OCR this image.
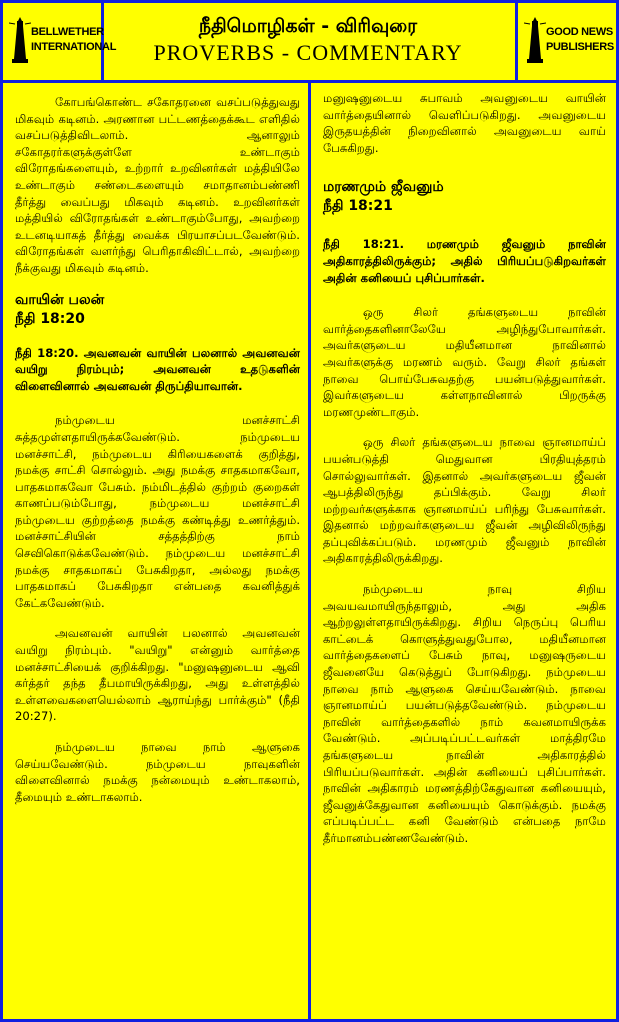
BELLWETHER
INTERNATIONAL
நீதிமொழிகள் - விரிவுரை
PROVERBS - COMMENTARY
GOOD NEWS
PUBLISHERS

கோபங்கொண்ட சகோதரனை வசப்படுத்துவது மிகவும் கடினம். அரணான பட்டணத்தைக்கூட எளிதில் வசப்படுத்திவிடலாம். ஆனாலும் சகோதரர்களுக்குள்ளே உண்டாகும் விரோதங்களையும், உற்றார் உறவினர்கள் மத்தியிலே உண்டாகும் சண்டைகளையும் சமாதானம்பண்ணி தீர்த்து வைப்பது மிகவும் கடினம். உறவினர்கள் மத்தியில் விரோதங்கள் உண்டாகும்போது, அவற்றை உடனடியாகத் தீர்த்து வைக்க பிரயாசப்படவேண்டும். விரோதங்கள் வளர்ந்து பெரிதாகிவிட்டால், அவற்றை நீக்குவது மிகவும் கடினம்.

வாயின் பலன்
நீதி 18:20

நீதி 18:20. அவனவன் வாயின் பலனால் அவனவன் வயிறு நிரம்பும்; அவனவன் உதடுகளின் விளைவினால் அவனவன் திருப்தியாவான்.

நம்முடைய மனச்சாட்சி சுத்தமுள்ளதாயிருக்கவேண்டும். நம்முடைய மனச்சாட்சி, நம்முடைய கிரியைகளைக் குறித்து, நமக்கு சாட்சி சொல்லும். அது நமக்கு சாதகமாகவோ, பாதகமாகவோ பேசும். நம்மிடத்தில் குற்றம் குறைகள் காணப்படும்போது, நம்முடைய மனச்சாட்சி நம்முடைய குற்றத்தை நமக்கு கண்டித்து உணர்த்தும். மனச்சாட்சியின் சத்தத்திற்கு நாம் செவிகொடுக்கவேண்டும். நம்முடைய மனச்சாட்சி நமக்கு சாதகமாகப் பேசுகிறதா, அல்லது நமக்கு பாதகமாகப் பேசுகிறதா என்பதை கவனித்துக் கேட்கவேண்டும்.

அவனவன் வாயின் பலனால் அவனவன் வயிறு நிரம்பும். "வயிறு" என்னும் வார்த்தை மனச்சாட்சியைக் குறிக்கிறது. "மனுஷனுடைய ஆவி கர்த்தர் தந்த தீபமாயிருக்கிறது, அது உள்ளத்தில் உள்ளவைகளையெல்லாம் ஆராய்ந்து பார்க்கும்" (நீதி 20:27).

நம்முடைய நாவை நாம் ஆளுகை செய்யவேண்டும். நம்முடைய நாவுகளின் விளைவினால் நமக்கு நன்மையும் உண்டாகலாம், தீமையும் உண்டாகலாம்.

மனுஷனுடைய சுபாவம் அவனுடைய வாயின் வார்த்தையினால் வெளிப்படுகிறது. அவனுடைய இருதயத்தின் நிறைவினால் அவனுடைய வாய் பேசுகிறது.

மரணமும் ஜீவனும்
நீதி 18:21

நீதி 18:21. மரணமும் ஜீவனும் நாவின் அதிகாரத்திலிருக்கும்; அதில் பிரியப்படுகிறவர்கள் அதின் கனியைப் புசிப்பார்கள்.

ஒரு சிலர் தங்களுடைய நாவின் வார்த்தைகளினாலேயே அழிந்துபோவார்கள். அவர்களுடைய மதியீனமான நாவினால் அவர்களுக்கு மரணம் வரும். வேறு சிலர் தங்கள் நாவை பொய்பேசுவதற்கு பயன்படுத்துவார்கள். இவர்களுடைய கள்ளநாவினால் பிறருக்கு மரணமுண்டாகும்.

ஒரு சிலர் தங்களுடைய நாவை ஞானமாய்ப் பயன்படுத்தி மெதுவான பிரதியுத்தரம் சொல்லுவார்கள். இதனால் அவர்களுடைய ஜீவன் ஆபத்திலிருந்து தப்பிக்கும். வேறு சிலர் மற்றவர்களுக்காக ஞானமாய்ப் பரிந்து பேசுவார்கள். இதனால் மற்றவர்களுடைய ஜீவன் அழிவிலிருந்து தப்புவிக்கப்படும். மரணமும் ஜீவனும் நாவின் அதிகாரத்திலிருக்கிறது.

நம்முடைய நாவு சிறிய அவயவமாயிருந்தாலும், அது அதிக ஆற்றலுள்ளதாயிருக்கிறது. சிறிய நெருப்பு பெரிய காட்டைக் கொளுத்துவதுபோல, மதியீனமான வார்த்தைகளைப் பேசும் நாவு, மனுஷருடைய ஜீவனையே கெடுத்துப் போடுகிறது. நம்முடைய நாவை நாம் ஆளுகை செய்யவேண்டும். நாவை ஞானமாய்ப் பயன்படுத்தவேண்டும். நம்முடைய நாவின் வார்த்தைகளில் நாம் கவனமாயிருக்க வேண்டும். அப்படிப்பட்டவர்கள் மாத்திரமே தங்களுடைய நாவின் அதிகாரத்தில் பிரியப்படுவார்கள். அதின் கனியைப் புசிப்பார்கள். நாவின் அதிகாரம் மரணத்திற்கேதுவான கனியையும், ஜீவனுக்கேதுவான கனியையும் கொடுக்கும். நமக்கு எப்படிப்பட்ட கனி வேண்டும் என்பதை நாமே தீர்மானம்பண்ணவேண்டும்.
